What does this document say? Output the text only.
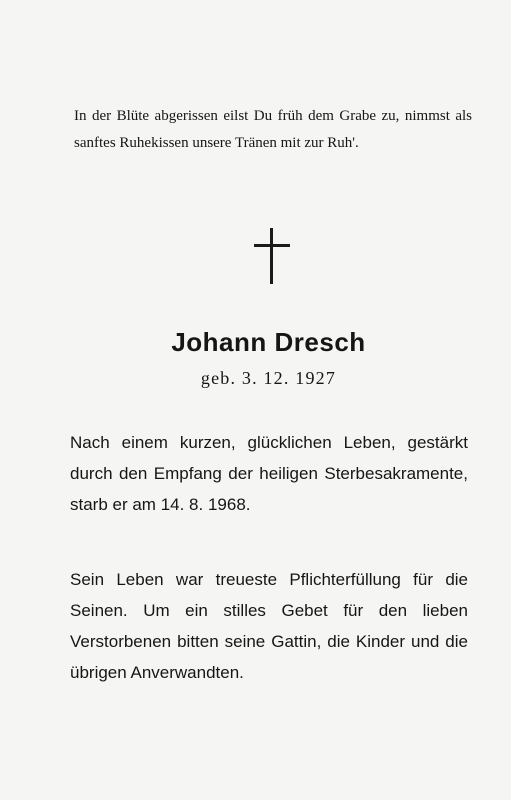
In der Blüte abgerissen eilst Du früh dem Grabe zu, nimmst als sanftes Ruhekissen unsere Tränen mit zur Ruh'.
Johann Dresch
geb. 3. 12. 1927
Nach einem kurzen, glücklichen Leben, gestärkt durch den Empfang der heiligen Sterbesakramente, starb er am 14. 8. 1968.
Sein Leben war treueste Pflichterfüllung für die Seinen. Um ein stilles Gebet für den lieben Verstorbenen bitten seine Gattin, die Kinder und die übrigen Anverwandten.
